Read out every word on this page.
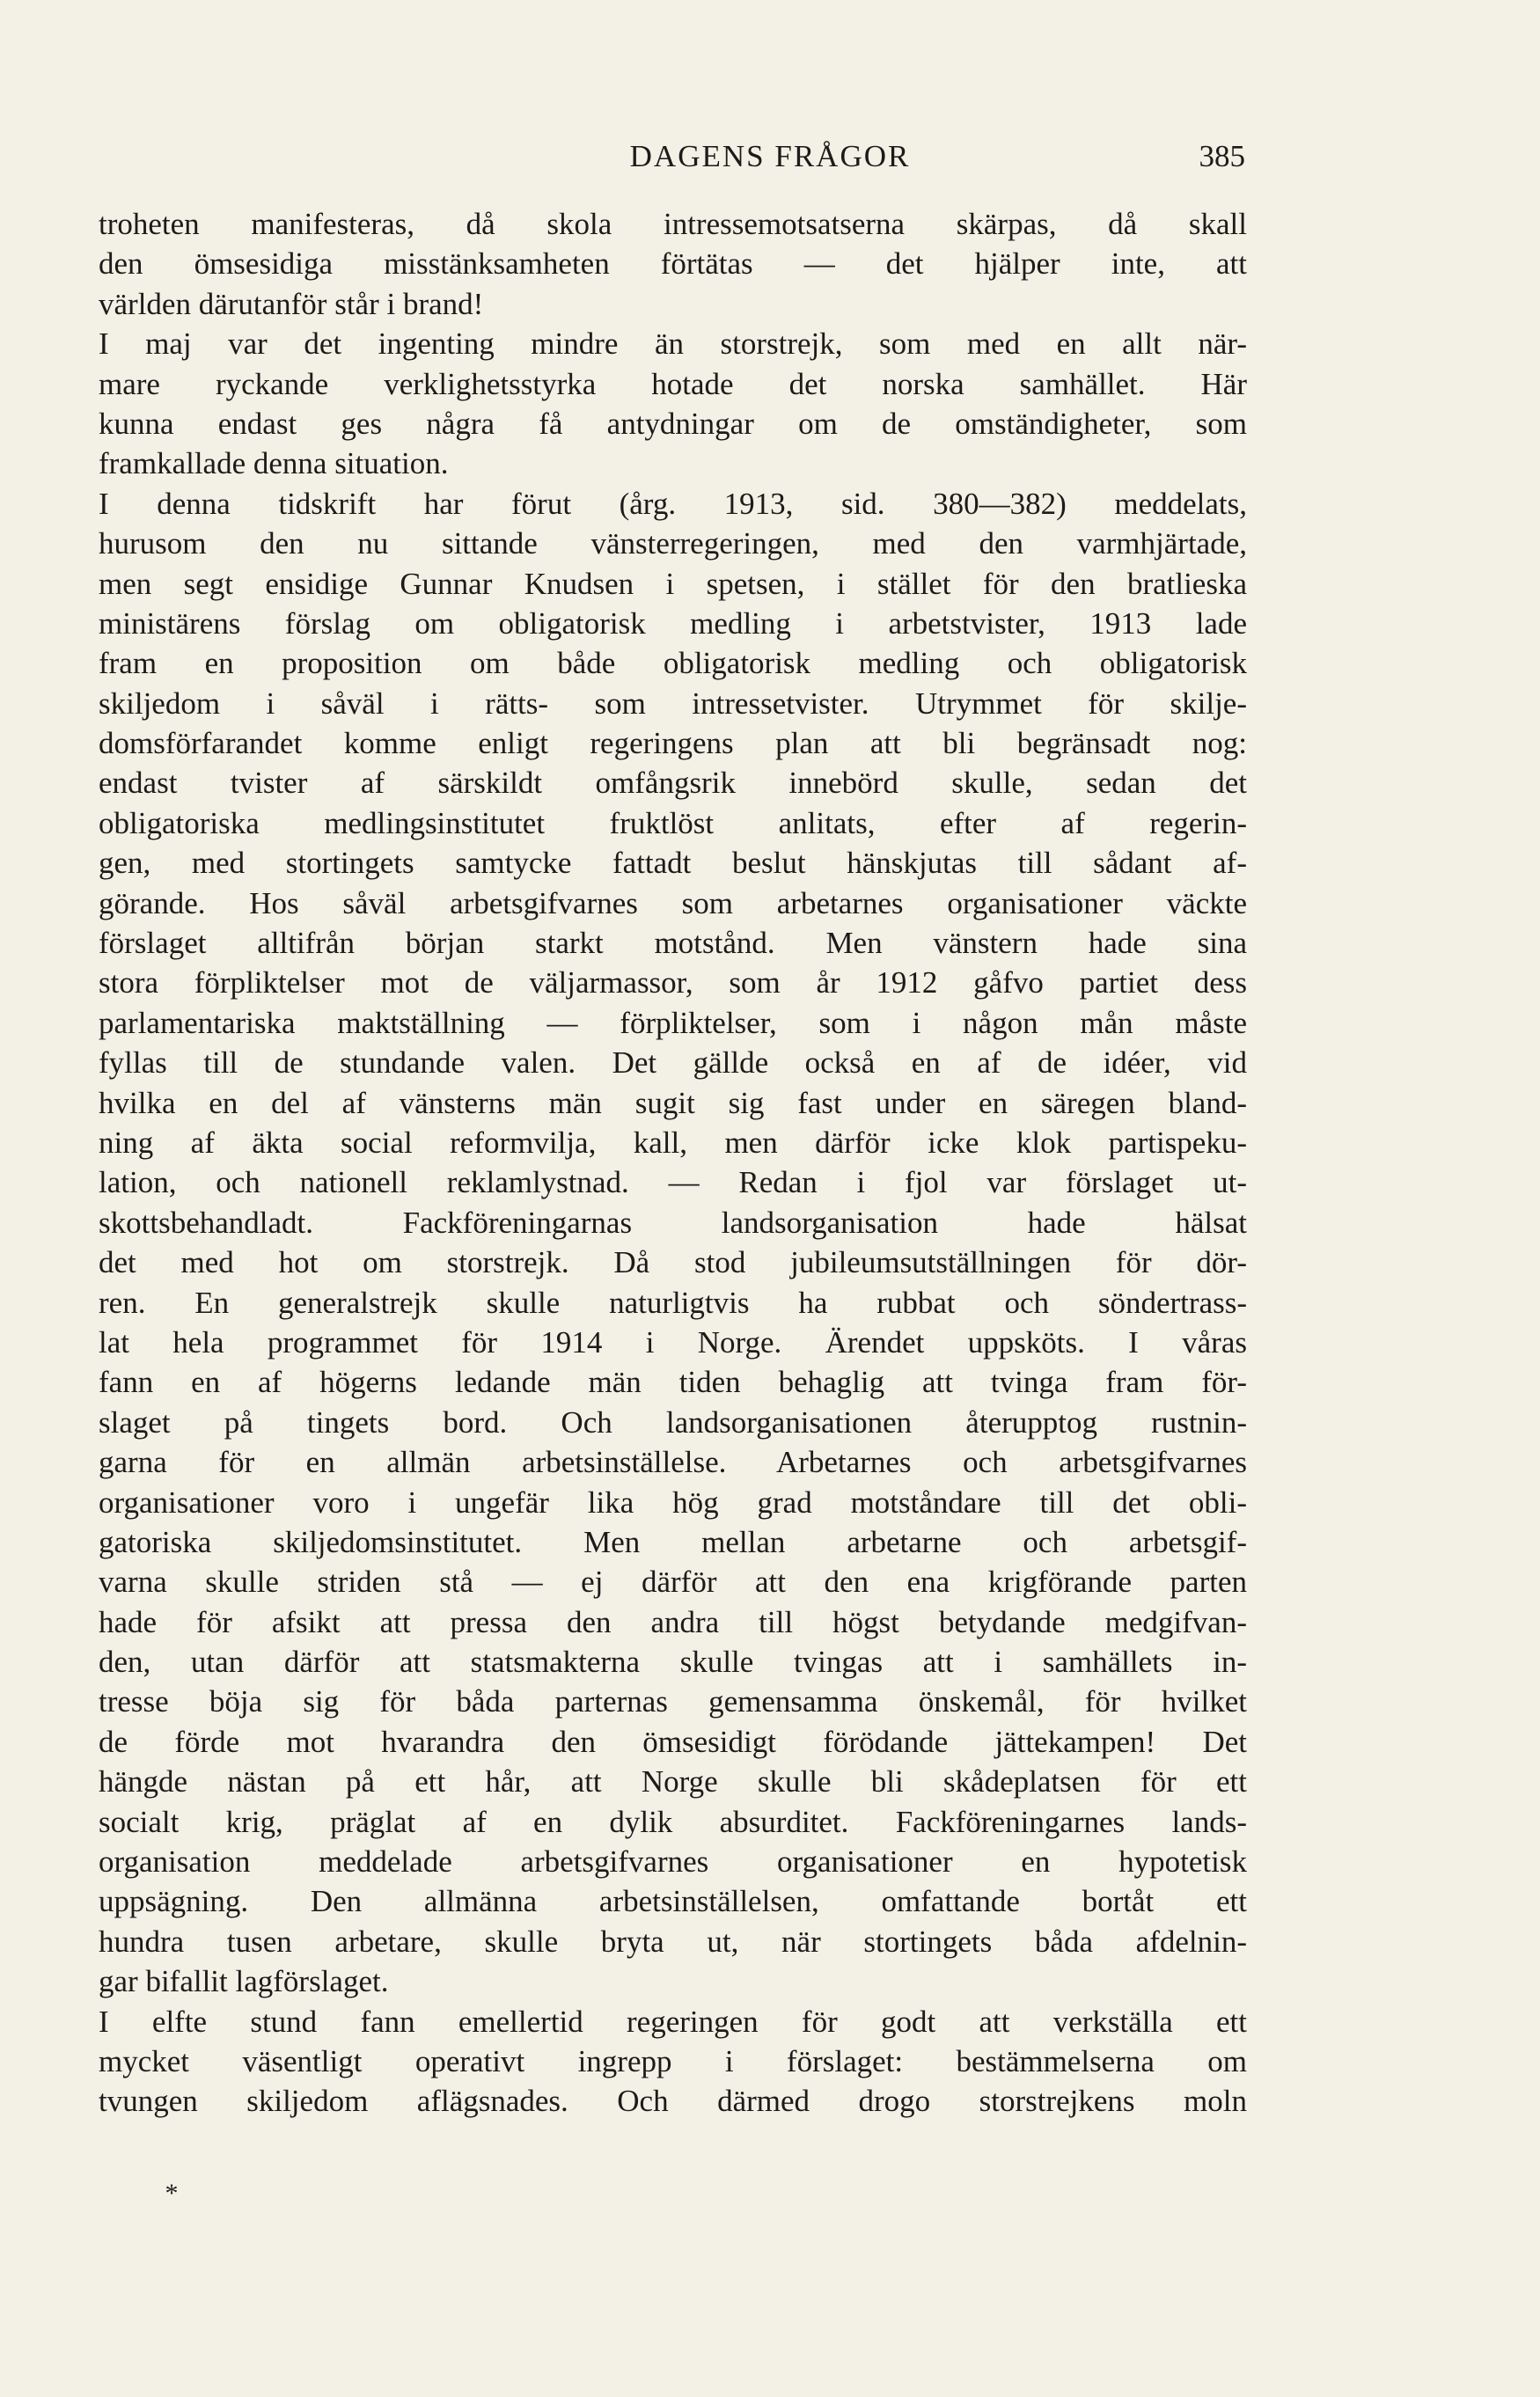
DAGENS FRÅGOR	385
troheten manifesteras, då skola intressemotsatserna skärpas, då skall
den ömsesidiga misstänksamheten förtätas — det hjälper inte, att
världen därutanför står i brand!
I maj var det ingenting mindre än storstrejk, som med en allt när-
mare ryckande verklighetsstyrka hotade det norska samhället. Här
kunna endast ges några få antydningar om de omständigheter, som
framkallade denna situation.
I denna tidskrift har förut (årg. 1913, sid. 380—382) meddelats,
hurusom den nu sittande vänsterregeringen, med den varmhjärtade,
men segt ensidige Gunnar Knudsen i spetsen, i stället för den bratlieska
ministärens förslag om obligatorisk medling i arbetstvister, 1913 lade
fram en proposition om både obligatorisk medling och obligatorisk
skiljedom i såväl i rätts- som intressetvister. Utrymmet för skilje-
domsförfarandet komme enligt regeringens plan att bli begränsadt nog:
endast tvister af särskildt omfångsrik innebörd skulle, sedan det
obligatoriska medlingsinstitutet fruktlöst anlitats, efter af regerin-
gen, med stortingets samtycke fattadt beslut hänskjutas till sådant af-
görande. Hos såväl arbetsgifvarnes som arbetarnes organisationer väckte
förslaget alltifrån början starkt motstånd. Men vänstern hade sina
stora förpliktelser mot de väljarmassor, som år 1912 gåfvo partiet dess
parlamentariska maktställning — förpliktelser, som i någon mån måste
fyllas till de stundande valen. Det gällde också en af de idéer, vid
hvilka en del af vänsterns män sugit sig fast under en säregen bland-
ning af äkta social reformvilja, kall, men därför icke klok partispeku-
lation, och nationell reklamlystnad. — Redan i fjol var förslaget ut-
skottsbehandladt. Fackföreningarnas landsorganisation hade hälsat
det med hot om storstrejk. Då stod jubileumsutställningen för dör-
ren. En generalstrejk skulle naturligtvis ha rubbat och söndertrass-
lat hela programmet för 1914 i Norge. Ärendet uppsköts. I våras
fann en af högerns ledande män tiden behaglig att tvinga fram för-
slaget på tingets bord. Och landsorganisationen återupptog rustnin-
garna för en allmän arbetsinställelse. Arbetarnes och arbetsgifvarnes
organisationer voro i ungefär lika hög grad motståndare till det obli-
gatoriska skiljedomsinstitutet. Men mellan arbetarne och arbetsgif-
varna skulle striden stå — ej därför att den ena krigförande parten
hade för afsikt att pressa den andra till högst betydande medgifvan-
den, utan därför att statsmakterna skulle tvingas att i samhällets in-
tresse böja sig för båda parternas gemensamma önskemål, för hvilket
de förde mot hvarandra den ömsesidigt förödande jättekampen! Det
hängde nästan på ett hår, att Norge skulle bli skådeplatsen för ett
socialt krig, präglat af en dylik absurditet. Fackföreningarnes lands-
organisation meddelade arbetsgifvarnes organisationer en hypotetisk
uppsägning. Den allmänna arbetsinställelsen, omfattande bortåt ett
hundra tusen arbetare, skulle bryta ut, när stortingets båda afdelnin-
gar bifallit lagförslaget.
I elfte stund fann emellertid regeringen för godt att verkställa ett
mycket väsentligt operativt ingrepp i förslaget: bestämmelserna om
tvungen skiljedom aflägsnades. Och därmed drogo storstrejkens moln
*
